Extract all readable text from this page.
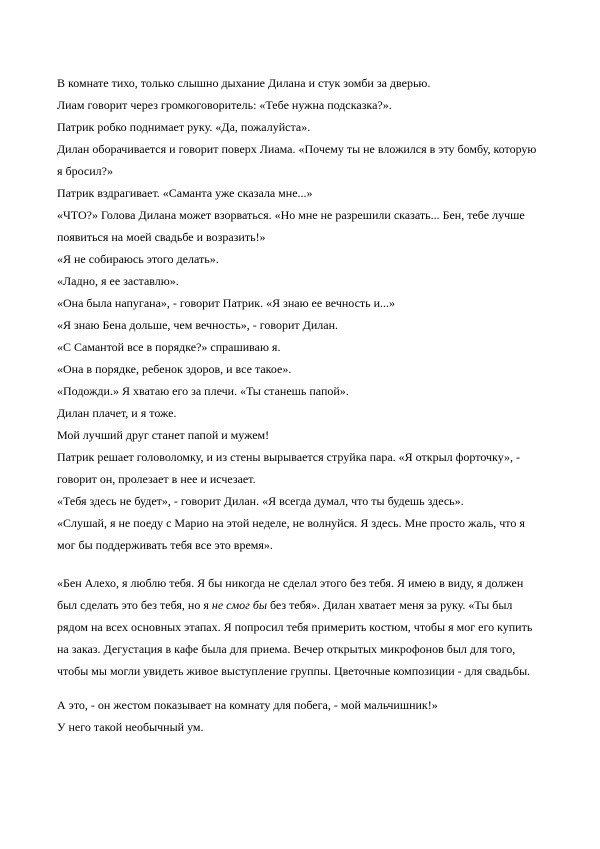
В комнате тихо, только слышно дыхание Дилана и стук зомби за дверью.

Лиам говорит через громкоговоритель: «Тебе нужна подсказка?».

Патрик робко поднимает руку. «Да, пожалуйста».

Дилан оборачивается и говорит поверх Лиама. «Почему ты не вложился в эту бомбу, которую я бросил?»

Патрик вздрагивает. «Саманта уже сказала мне...»

«ЧТО?» Голова Дилана может взорваться. «Но мне не разрешили сказать... Бен, тебе лучше появиться на моей свадьбе и возразить!»

«Я не собираюсь этого делать».

«Ладно, я ее заставлю».

«Она была напугана», - говорит Патрик. «Я знаю ее вечность и...»

«Я знаю Бена дольше, чем вечность», - говорит Дилан.

«С Самантой все в порядке?» спрашиваю я.

«Она в порядке, ребенок здоров, и все такое».

«Подожди.» Я хватаю его за плечи. «Ты станешь папой».

Дилан плачет, и я тоже.

Мой лучший друг станет папой и мужем!

Патрик решает головоломку, и из стены вырывается струйка пара. «Я открыл форточку», - говорит он, пролезает в нее и исчезает.

«Тебя здесь не будет», - говорит Дилан. «Я всегда думал, что ты будешь здесь».

«Слушай, я не поеду с Марио на этой неделе, не волнуйся. Я здесь. Мне просто жаль, что я мог бы поддерживать тебя все это время».

«Бен Алехо, я люблю тебя. Я бы никогда не сделал этого без тебя. Я имею в виду, я должен был сделать это без тебя, но я не смог бы без тебя». Дилан хватает меня за руку. «Ты был рядом на всех основных этапах. Я попросил тебя примерить костюм, чтобы я мог его купить на заказ. Дегустация в кафе была для приема. Вечер открытых микрофонов был для того, чтобы мы могли увидеть живое выступление группы. Цветочные композиции - для свадьбы.

А это, - он жестом показывает на комнату для побега, - мой мальчишник!»

У него такой необычный ум.
